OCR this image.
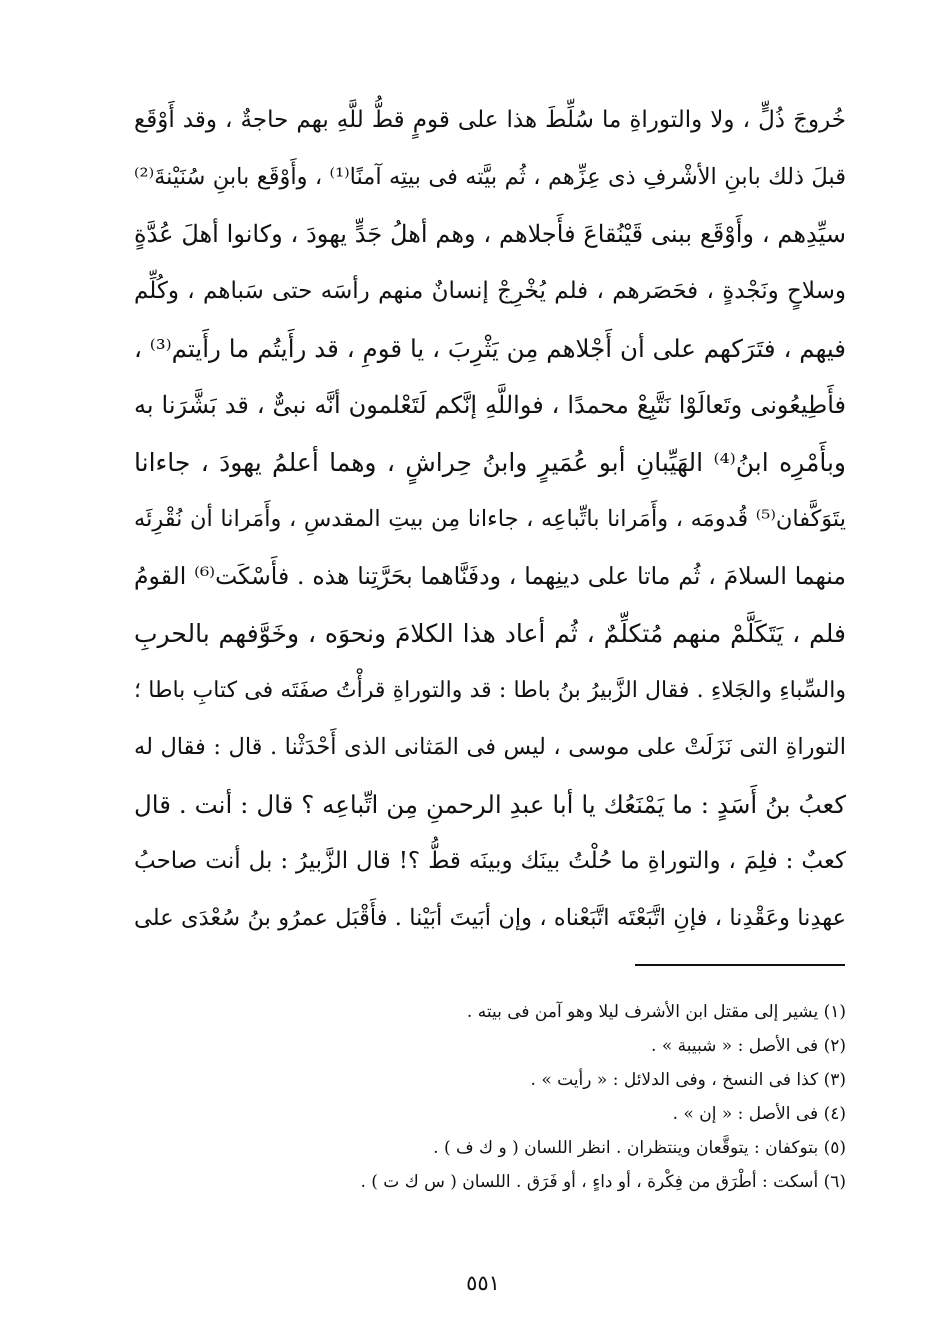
خُروجَ ذُلٍّ ، ولا والتوراةِ ما سُلِّطَ هذا على قومٍ قطُّ للَّهِ بهم حاجةٌ ، وقد أَوْقَع
قبلَ ذلك بابنِ الأشْرفِ ذى عِزِّهم ، ثُم بيَّته فى بيتِه آمنًا⁽¹⁾ ، وأَوْقَع بابنِ سُنَيْنةَ⁽²⁾
سيِّدِهم ، وأَوْقَع ببنى قَيْنُقاعَ فأَجلاهم ، وهم أهلُ جَدٍّ يهودَ ، وكانوا أهلَ عُدَّةٍ
وسلاحٍ ونَجْدةٍ ، فحَصَرهم ، فلم يُخْرِجْ إنسانٌ منهم رأسَه حتى سَباهم ، وكُلِّم
فيهم ، فتَرَكهم على أن أَجْلاهم مِن يَثْرِبَ ، يا قومِ ، قد رأَيتُم ما رأَيتم⁽³⁾ ،
فأَطِيعُونى وتَعالَوْا نَتَّبِعْ محمدًا ، فواللَّهِ إنَّكم لَتَعْلمون أنَّه نبىٌّ ، قد بَشَّرَنا به
وبأَمْرِه ابنُ⁽⁴⁾ الهَيِّبانِ أبو عُمَيرٍ وابنُ حِراشٍ ، وهما أعلمُ يهودَ ، جاءانا
يتَوَكَّفان⁽⁵⁾ قُدومَه ، وأَمَرانا باتِّباعِه ، جاءانا مِن بيتِ المقدسِ ، وأَمَرانا أن نُقْرِئَه
منهما السلامَ ، ثُم ماتا على دينِهما ، ودفَنَّاهما بحَرَّتِنا هذه . فأَسْكَت⁽⁶⁾ القومُ
فلم ، يَتَكَلَّمْ منهم مُتكلِّمٌ ، ثُم أعاد هذا الكلامَ ونحوَه ، وخَوَّفهم بالحربِ
والسِّباءِ والجَلاءِ . فقال الزَّبيرُ بنُ باطا : قد والتوراةِ قرأْتُ صفَتَه فى كتابِ باطا ؛
التوراةِ التى نَزَلَتْ على موسى ، ليس فى المَثانى الذى أَحْدَثْنا . قال : فقال له
كعبُ بنُ أَسَدٍ : ما يَمْنَعُك يا أبا عبدِ الرحمنِ مِن اتِّباعِه ؟ قال : أنت . قال
كعبٌ : فلِمَ ، والتوراةِ ما حُلْتُ بينَك وبينَه قطُّ ؟! قال الزَّبيرُ : بل أنت صاحبُ
عهدِنا وعَقْدِنا ، فإنِ اتَّبَعْتَه اتَّبَعْناه ، وإن أبَيتَ أبَيْنا . فأَقْبَل عمرُو بنُ سُعْدَى على
(١) يشير إلى مقتل ابن الأشرف ليلا وهو آمن فى بيته .
(٢) فى الأصل : « شبيبة » .
(٣) كذا فى النسخ ، وفى الدلائل : « رأيت » .
(٤) فى الأصل : « إن » .
(٥) بتوكفان : يتوقَّعان وينتظران . انظر اللسان ( و ك ف ) .
(٦) أسكت : أطْرَق من فِكْرة ، أو داءٍ ، أو فَرَق . اللسان ( س ك ت ) .
٥٥١
